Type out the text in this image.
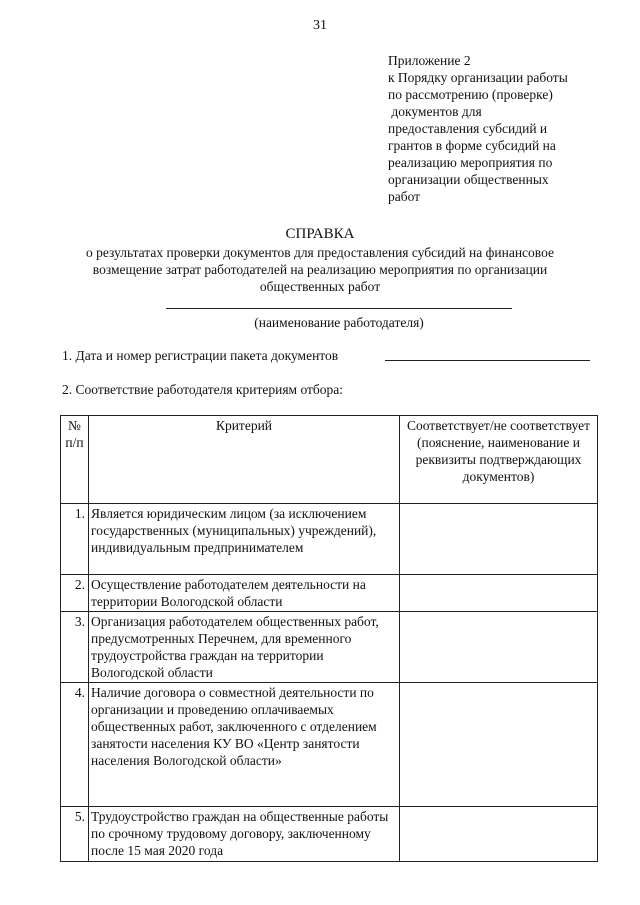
31
Приложение 2
к Порядку организации работы
по рассмотрению (проверке)
документов для
предоставления субсидий и
грантов в форме субсидий на
реализацию мероприятия по
организации общественных
работ
СПРАВКА
о результатах проверки документов для предоставления субсидий на финансовое
возмещение затрат работодателей на реализацию мероприятия по организации
общественных работ
(наименование работодателя)
1. Дата и номер регистрации пакета документов
2. Соответствие работодателя критериям отбора:
№ п/п	Критерий	Соответствует/не соответствует (пояснение, наименование и реквизиты подтверждающих документов)
1.	Является юридическим лицом (за исключением государственных (муниципальных) учреждений), индивидуальным предпринимателем	
2.	Осуществление работодателем деятельности на территории Вологодской области	
3.	Организация работодателем общественных работ, предусмотренных Перечнем, для временного трудоустройства граждан на территории Вологодской области	
4.	Наличие договора о совместной деятельности по организации и проведению оплачиваемых общественных работ, заключенного с отделением занятости населения КУ ВО «Центр занятости населения Вологодской области»	
5.	Трудоустройство граждан на общественные работы по срочному трудовому договору, заключенному после 15 мая 2020 года	
